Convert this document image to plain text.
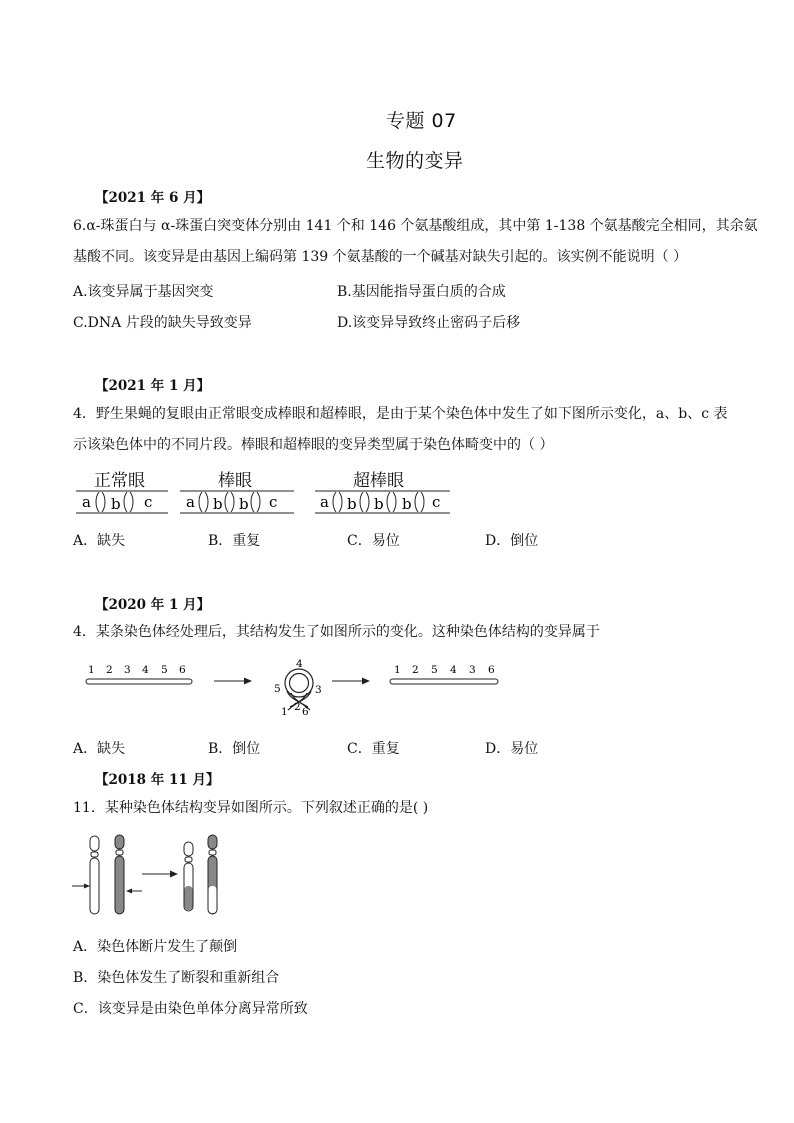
专题 07
生物的变异
【2021 年 6 月】
6.α-珠蛋白与 α-珠蛋白突变体分别由 141 个和 146 个氨基酸组成，其中第 1-138 个氨基酸完全相同，其余氨
基酸不同。该变异是由基因上编码第 139 个氨基酸的一个碱基对缺失引起的。该实例不能说明（ ）
A.该变异属于基因突变	B.基因能指导蛋白质的合成
C.DNA 片段的缺失导致变异	D.该变异导致终止密码子后移
【2021 年 1 月】
4．野生果蝇的复眼由正常眼变成棒眼和超棒眼，是由于某个染色体中发生了如下图所示变化，a、b、c 表
示该染色体中的不同片段。棒眼和超棒眼的变异类型属于染色体畸变中的（ ）
正常眼	棒眼	超棒眼
a b c a b b c	a b b b c
A．缺失	B．重复	C．易位	D．倒位
【2020 年 1 月】
4．某条染色体经处理后，其结构发生了如图所示的变化。这种染色体结构的变异属于
1 2 3 4 5 6	4
5	3
1 2 6
1 2 5 4 3 6
A．缺失	B．倒位	C．重复	D．易位
【2018 年 11 月】
11．某种染色体结构变异如图所示。下列叙述正确的是( )
A．染色体断片发生了颠倒
B．染色体发生了断裂和重新组合
C．该变异是由染色单体分离异常所致
